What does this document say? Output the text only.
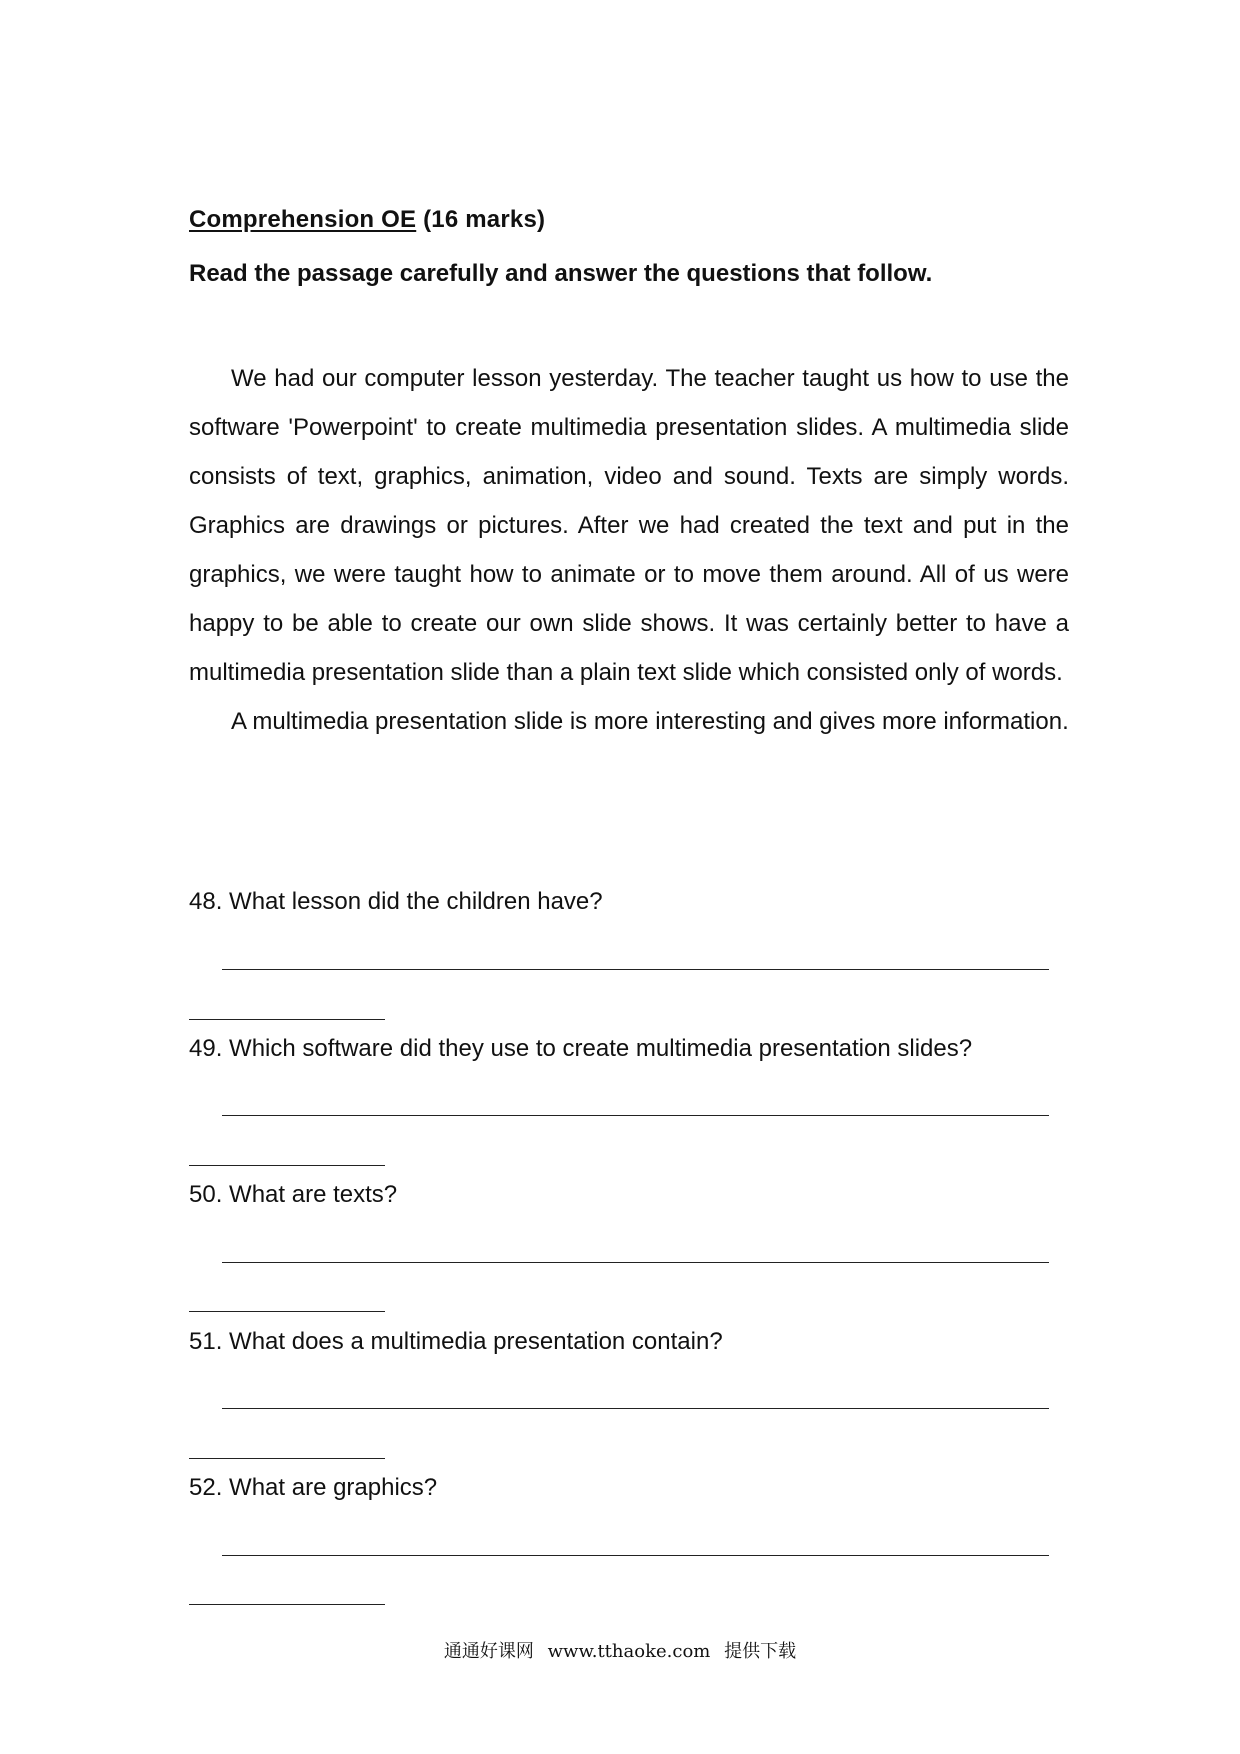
Comprehension OE (16 marks)
Read the passage carefully and answer the questions that follow.

We had our computer lesson yesterday. The teacher taught us how to use the software 'Powerpoint' to create multimedia presentation slides. A multimedia slide consists of text, graphics, animation, video and sound. Texts are simply words. Graphics are drawings or pictures. After we had created the text and put in the graphics, we were taught how to animate or to move them around. All of us were happy to be able to create our own slide shows. It was certainly better to have a multimedia presentation slide than a plain text slide which consisted only of words.

A multimedia presentation slide is more interesting and gives more information.

48. What lesson did the children have?
49. Which software did they use to create multimedia presentation slides?
50. What are texts?
51. What does a multimedia presentation contain?
52. What are graphics?
通通好课网 www.tthaoke.com 提供下载
